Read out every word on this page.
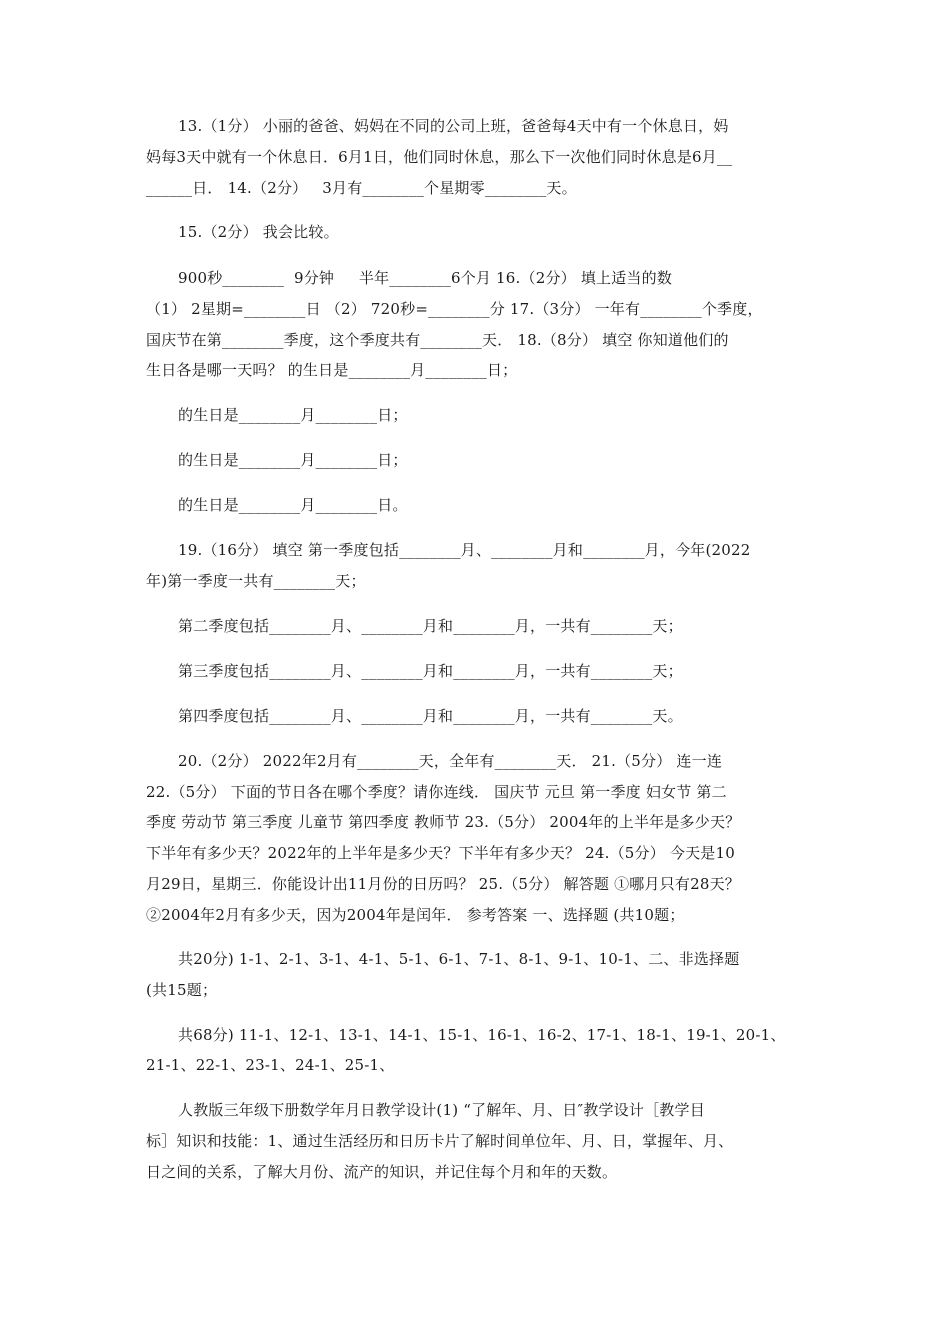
13.（1分） 小丽的爸爸、妈妈在不同的公司上班，爸爸每4天中有一个休息日，妈
妈每3天中就有一个休息日．6月1日，他们同时休息，那么下一次他们同时休息是6月__
______日． 14.（2分）   3月有________个星期零________天。
15.（2分） 我会比较。
900秒________  9分钟     半年________6个月 16.（2分） 填上适当的数
（1） 2星期=________日 （2） 720秒=________分 17.（3分） 一年有________个季度，
国庆节在第________季度，这个季度共有________天． 18.（8分） 填空 你知道他们的
生日各是哪一天吗？ 的生日是________月________日；
的生日是________月________日；
的生日是________月________日；
的生日是________月________日。
19.（16分） 填空 第一季度包括________月、________月和________月，今年(2022
年)第一季度一共有________天；
第二季度包括________月、________月和________月，一共有________天；
第三季度包括________月、________月和________月，一共有________天；
第四季度包括________月、________月和________月，一共有________天。
20.（2分） 2022年2月有________天，全年有________天． 21.（5分） 连一连
22.（5分） 下面的节日各在哪个季度？请你连线． 国庆节 元旦 第一季度 妇女节 第二
季度 劳动节 第三季度 儿童节 第四季度 教师节 23.（5分） 2004年的上半年是多少天？
下半年有多少天？2022年的上半年是多少天？下半年有多少天？ 24.（5分） 今天是10
月29日，星期三．你能设计出11月份的日历吗？ 25.（5分） 解答题 ①哪月只有28天？
②2004年2月有多少天，因为2004年是闰年． 参考答案 一、选择题 (共10题；
共20分) 1-1、2-1、3-1、4-1、5-1、6-1、7-1、8-1、9-1、10-1、二、非选择题
(共15题；
共68分) 11-1、12-1、13-1、14-1、15-1、16-1、16-2、17-1、18-1、19-1、20-1、
21-1、22-1、23-1、24-1、25-1、
人教版三年级下册数学年月日教学设计(1) “了解年、月、日″教学设计［教学目
标］知识和技能：1、通过生活经历和日历卡片了解时间单位年、月、日，掌握年、月、
日之间的关系，了解大月份、流产的知识，并记住每个月和年的天数。
